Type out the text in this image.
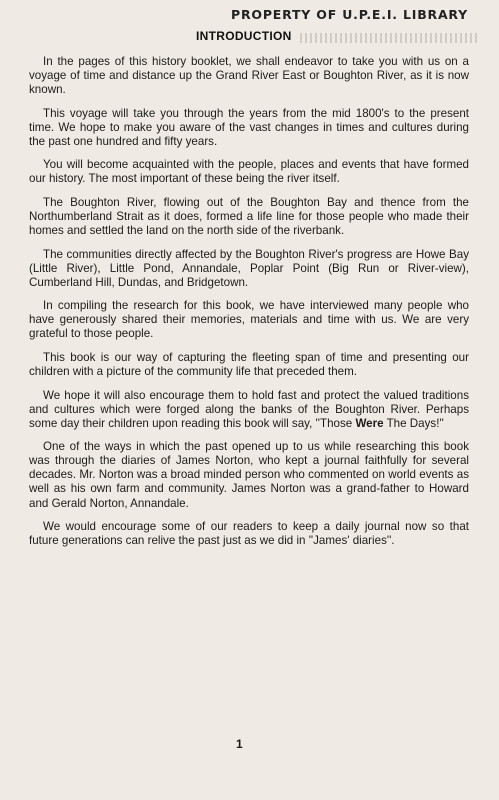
PROPERTY OF U.P.E.I. LIBRARY
INTRODUCTION

In the pages of this history booklet, we shall endeavor to take you with us on a voyage of time and distance up the Grand River East or Boughton River, as it is now known.

This voyage will take you through the years from the mid 1800's to the present time. We hope to make you aware of the vast changes in times and cultures during the past one hundred and fifty years.

You will become acquainted with the people, places and events that have formed our history. The most important of these being the river itself.

The Boughton River, flowing out of the Boughton Bay and thence from the Northumberland Strait as it does, formed a life line for those people who made their homes and settled the land on the north side of the riverbank.

The communities directly affected by the Boughton River's progress are Howe Bay (Little River), Little Pond, Annandale, Poplar Point (Big Run or River-view), Cumberland Hill, Dundas, and Bridgetown.

In compiling the research for this book, we have interviewed many people who have generously shared their memories, materials and time with us. We are very grateful to those people.

This book is our way of capturing the fleeting span of time and presenting our children with a picture of the community life that preceded them.

We hope it will also encourage them to hold fast and protect the valued traditions and cultures which were forged along the banks of the Boughton River. Perhaps some day their children upon reading this book will say, ''Those Were The Days!''

One of the ways in which the past opened up to us while researching this book was through the diaries of James Norton, who kept a journal faithfully for several decades. Mr. Norton was a broad minded person who commented on world events as well as his own farm and community. James Norton was a grand-father to Howard and Gerald Norton, Annandale.

We would encourage some of our readers to keep a daily journal now so that future generations can relive the past just as we did in ''James' diaries''.

1
